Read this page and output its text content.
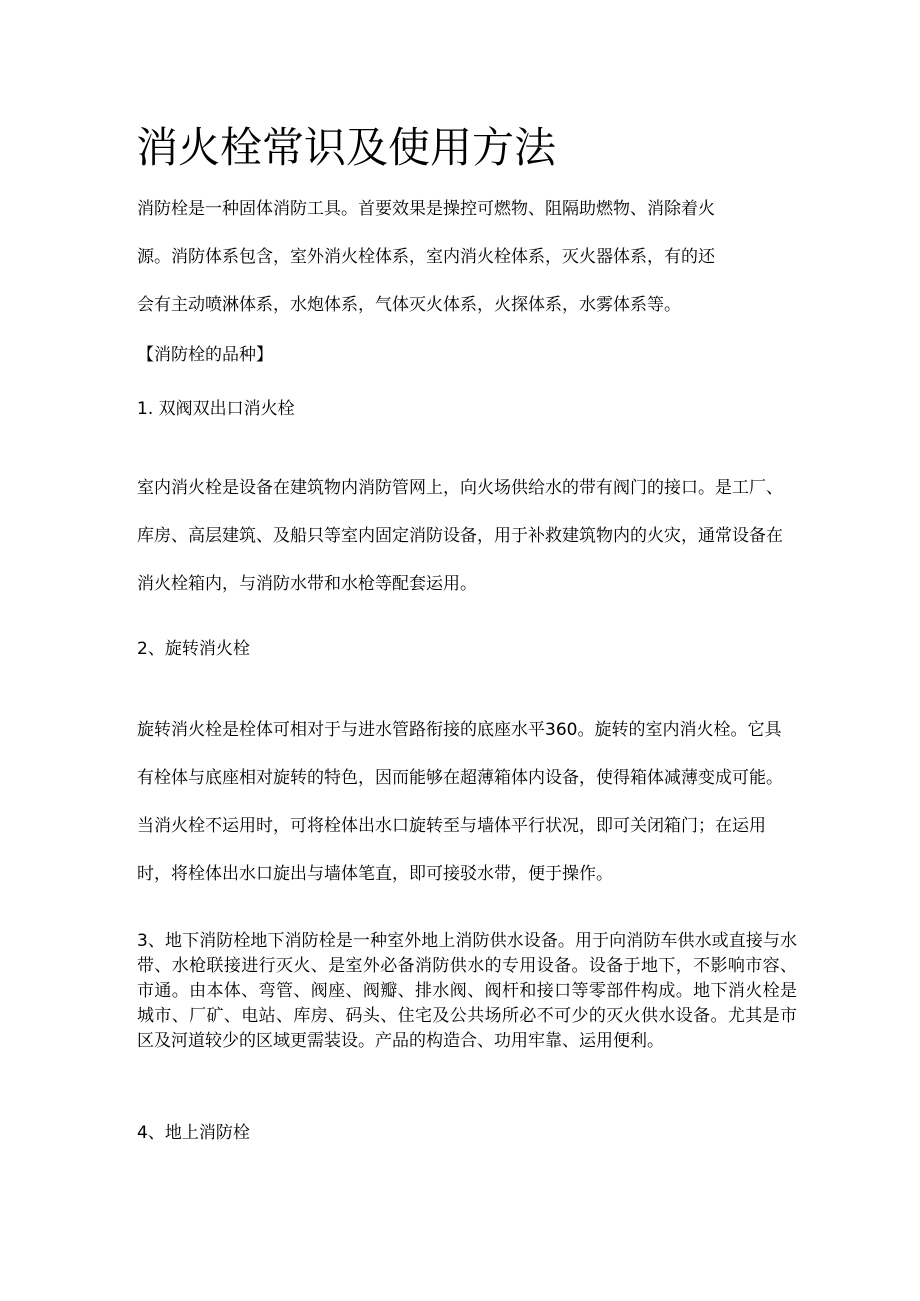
消火栓常识及使用方法

消防栓是一种固体消防工具。首要效果是操控可燃物、阻隔助燃物、消除着火

源。消防体系包含，室外消火栓体系，室内消火栓体系，灭火器体系，有的还

会有主动喷淋体系，水炮体系，气体灭火体系，火探体系，水雾体系等。

【消防栓的品种】

1. 双阀双出口消火栓

室内消火栓是设备在建筑物内消防管网上，向火场供给水的带有阀门的接口。是工厂、库房、高层建筑、及船只等室内固定消防设备，用于补救建筑物内的火灾，通常设备在消火栓箱内，与消防水带和水枪等配套运用。

2、旋转消火栓

旋转消火栓是栓体可相对于与进水管路衔接的底座水平360。旋转的室内消火栓。它具有栓体与底座相对旋转的特色，因而能够在超薄箱体内设备，使得箱体减薄变成可能。当消火栓不运用时，可将栓体出水口旋转至与墙体平行状况，即可关闭箱门；在运用时，将栓体出水口旋出与墙体笔直，即可接驳水带，便于操作。

3、地下消防栓地下消防栓是一种室外地上消防供水设备。用于向消防车供水或直接与水带、水枪联接进行灭火、是室外必备消防供水的专用设备。设备于地下，不影响市容、市通。由本体、弯管、阀座、阀瓣、排水阀、阀杆和接口等零部件构成。地下消火栓是城市、厂矿、电站、库房、码头、住宅及公共场所必不可少的灭火供水设备。尤其是市区及河道较少的区域更需装设。产品的构造合、功用牢靠、运用便利。

4、地上消防栓
